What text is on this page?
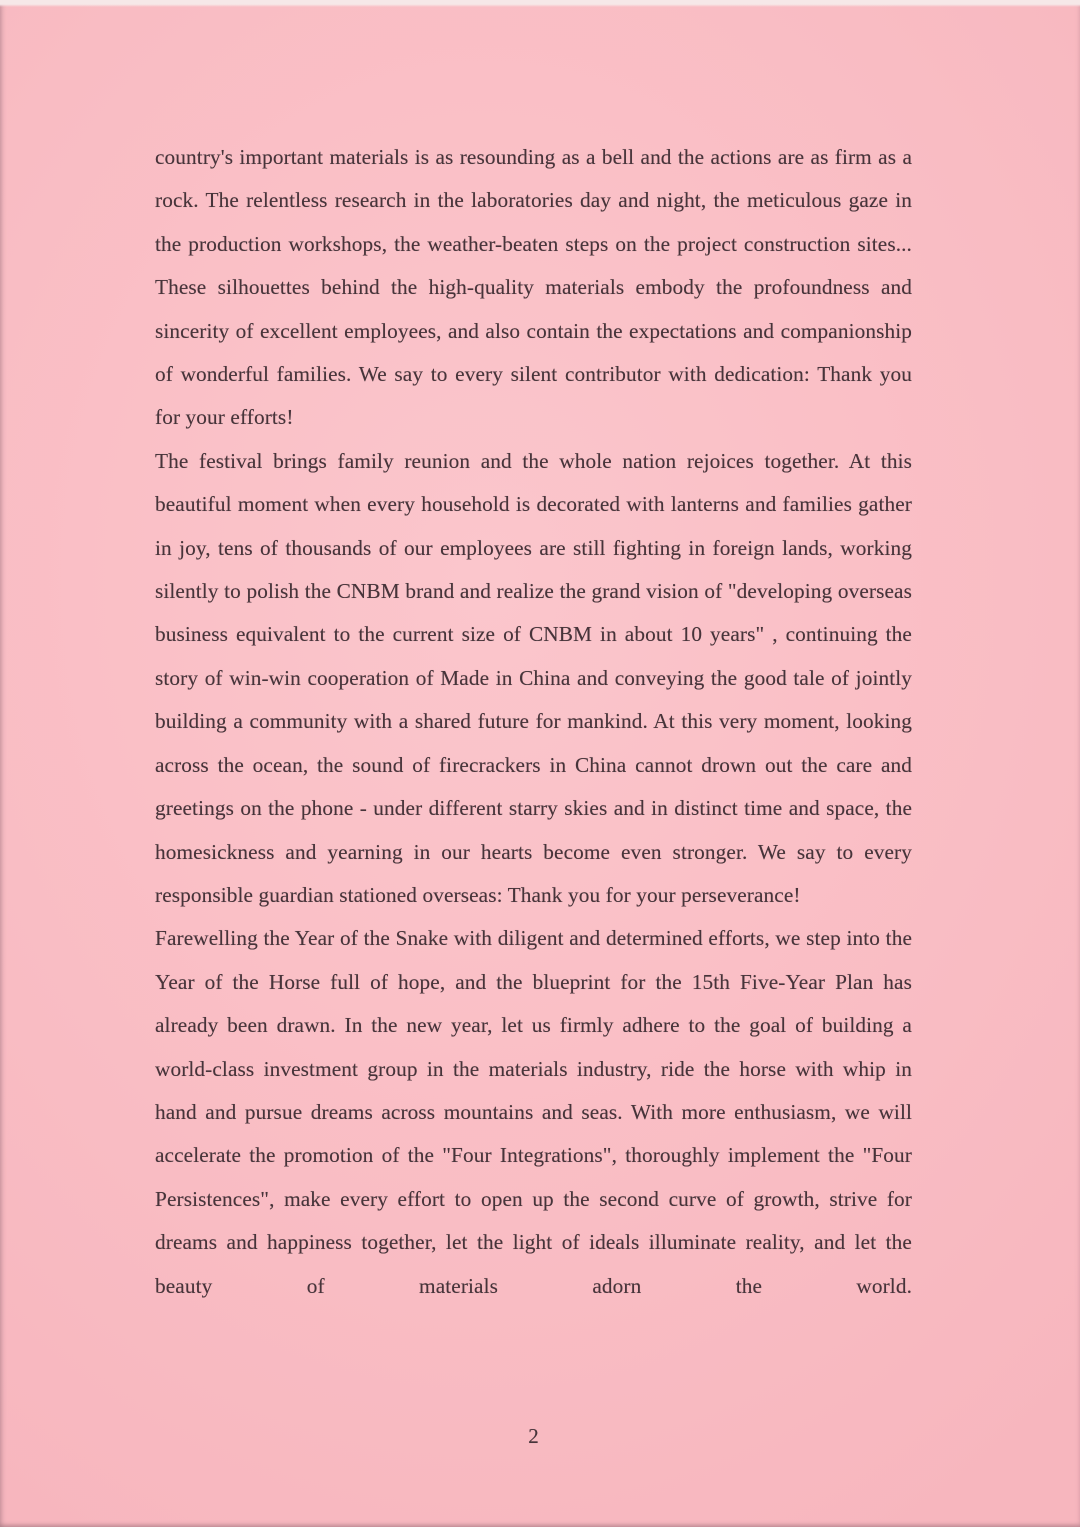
country's important materials is as resounding as a bell and the actions are as firm as a rock. The relentless research in the laboratories day and night, the meticulous gaze in the production workshops, the weather-beaten steps on the project construction sites... These silhouettes behind the high-quality materials embody the profoundness and sincerity of excellent employees, and also contain the expectations and companionship of wonderful families. We say to every silent contributor with dedication: Thank you for your efforts!

The festival brings family reunion and the whole nation rejoices together. At this beautiful moment when every household is decorated with lanterns and families gather in joy, tens of thousands of our employees are still fighting in foreign lands, working silently to polish the CNBM brand and realize the grand vision of "developing overseas business equivalent to the current size of CNBM in about 10 years" , continuing the story of win-win cooperation of Made in China and conveying the good tale of jointly building a community with a shared future for mankind. At this very moment, looking across the ocean, the sound of firecrackers in China cannot drown out the care and greetings on the phone - under different starry skies and in distinct time and space, the homesickness and yearning in our hearts become even stronger. We say to every responsible guardian stationed overseas: Thank you for your perseverance!

Farewelling the Year of the Snake with diligent and determined efforts, we step into the Year of the Horse full of hope, and the blueprint for the 15th Five-Year Plan has already been drawn. In the new year, let us firmly adhere to the goal of building a world-class investment group in the materials industry, ride the horse with whip in hand and pursue dreams across mountains and seas. With more enthusiasm, we will accelerate the promotion of the "Four Integrations", thoroughly implement the "Four Persistences", make every effort to open up the second curve of growth, strive for dreams and happiness together, let the light of ideals illuminate reality, and let the beauty of materials adorn the world.

2
